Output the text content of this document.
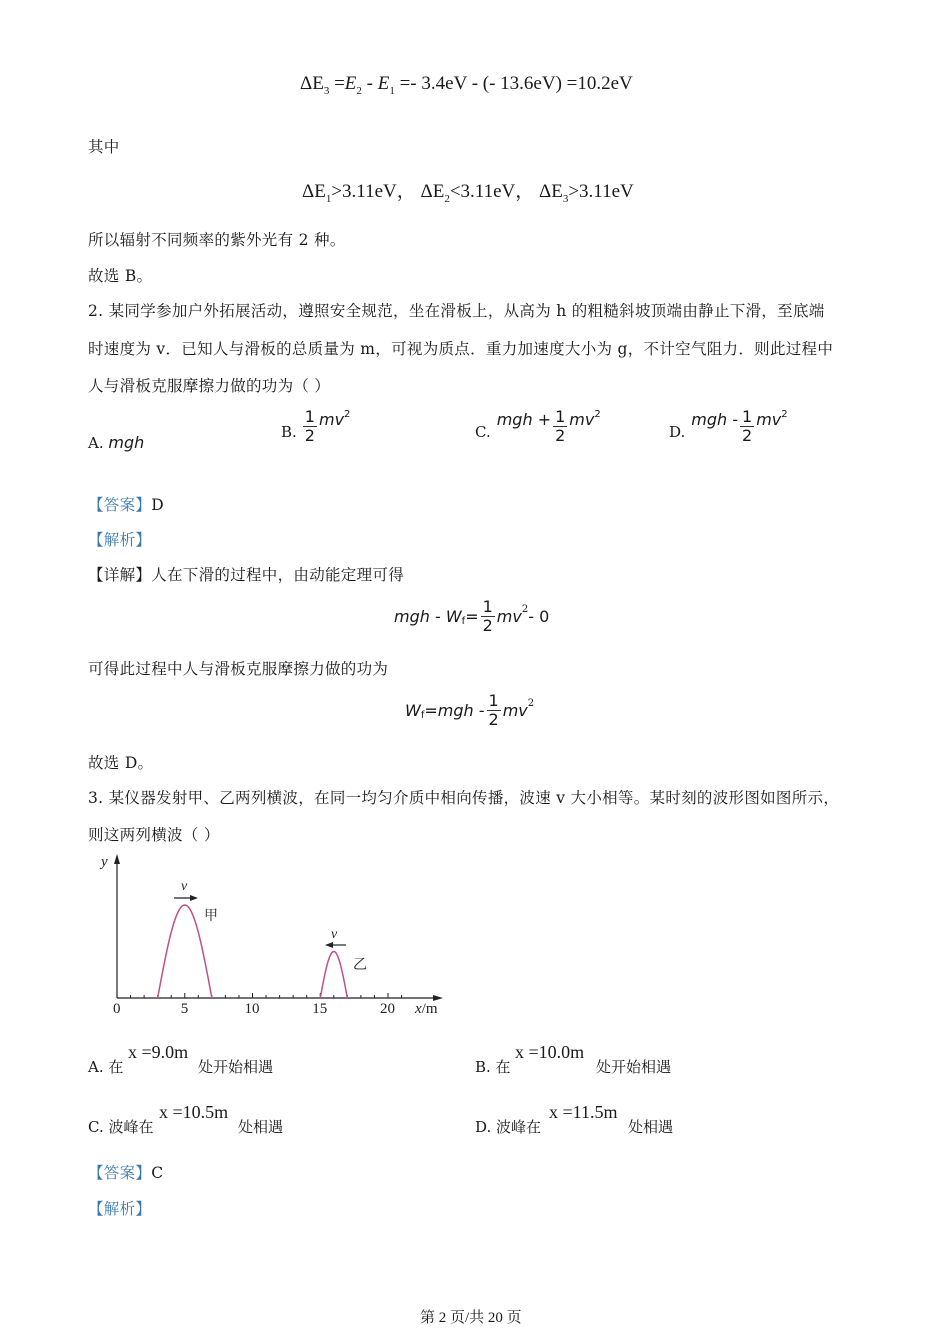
$\Delta E_3 =E_2 - E_1 =- 3.4eV$ - (- 13.6eV) =10.2eV
其中
$\Delta E_1>3.11eV$， $\Delta E_2<3.11eV$， $\Delta E_3>3.11eV$
所以辐射不同频率的紫外光有 2 种。
故选 B。
2. 某同学参加户外拓展活动，遵照安全规范，坐在滑板上，从高为 h 的粗糙斜坡顶端由静止下滑，至底端
时速度为 v．已知人与滑板的总质量为 m，可视为质点．重力加速度大小为 g，不计空气阻力．则此过程中
人与滑板克服摩擦力做的功为（ ）
A. mgh
B. $\frac{1}{2} mv^2$
C.
mgh + $\frac{1}{2} mv^2$
D.
mgh - $\frac{1}{2} mv^2$
【答案】D
【解析】
【详解】人在下滑的过程中，由动能定理可得
mgh - $W_f = \frac{1}{2} mv^2 - 0$
可得此过程中人与滑板克服摩擦力做的功为
$W_f =mgh - \frac{1}{2} mv^2$
故选 D。
3. 某仪器发射甲、乙两列横波，在同一均匀介质中相向传播，波速 v 大小相等。某时刻的波形图如图所示，
则这两列横波（ ）
y
0	5	10	15	20 x/m
v
甲
v
乙
A. 在
x =9.0m
处开始相遇	B. 在
x =10.0m
处开始相遇
C. 波峰在
x =10.5m
处相遇	D. 波峰在
x =11.5m
处相遇
【答案】C
【解析】
第 2 页/共 20 页
